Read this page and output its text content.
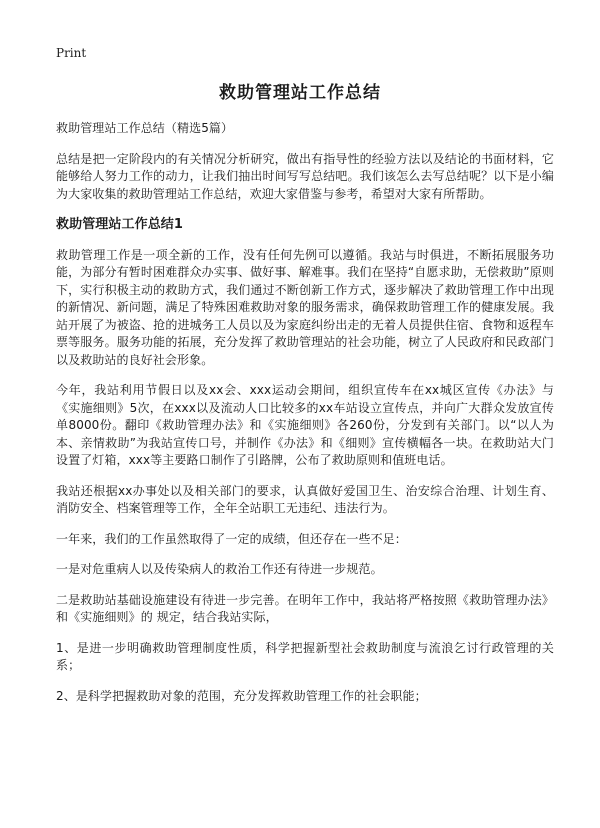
Print
救助管理站工作总结

救助管理站工作总结（精选5篇）

总结是把一定阶段内的有关情况分析研究，做出有指导性的经验方法以及结论的书面材料，它能够给人努力工作的动力，让我们抽出时间写写总结吧。我们该怎么去写总结呢？以下是小编为大家收集的救助管理站工作总结，欢迎大家借鉴与参考，希望对大家有所帮助。

救助管理站工作总结1

救助管理工作是一项全新的工作，没有任何先例可以遵循。我站与时俱进，不断拓展服务功能，为部分有暂时困难群众办实事、做好事、解难事。我们在坚持“自愿求助，无偿救助”原则下，实行积极主动的救助方式，我们通过不断创新工作方式，逐步解决了救助管理工作中出现的新情况、新问题，满足了特殊困难救助对象的服务需求，确保救助管理工作的健康发展。我站开展了为被盗、抢的进城务工人员以及为家庭纠纷出走的无着人员提供住宿、食物和返程车票等服务。服务功能的拓展，充分发挥了救助管理站的社会功能，树立了人民政府和民政部门以及救助站的良好社会形象。

今年，我站利用节假日以及xx会、xxx运动会期间，组织宣传车在xx城区宣传《办法》与《实施细则》5次，在xxx以及流动人口比较多的xx车站设立宣传点，并向广大群众发放宣传单8000份。翻印《救助管理办法》和《实施细则》各260份，分发到有关部门。以“以人为本、亲情救助”为我站宣传口号，并制作《办法》和《细则》宣传横幅各一块。在救助站大门设置了灯箱，xxx等主要路口制作了引路牌，公布了救助原则和值班电话。

我站还根据xx办事处以及相关部门的要求，认真做好爱国卫生、治安综合治理、计划生育、消防安全、档案管理等工作，全年全站职工无违纪、违法行为。

一年来，我们的工作虽然取得了一定的成绩，但还存在一些不足：

一是对危重病人以及传染病人的救治工作还有待进一步规范。

二是救助站基础设施建设有待进一步完善。在明年工作中，我站将严格按照《救助管理办法》和《实施细则》的 规定，结合我站实际，

1、是进一步明确救助管理制度性质，科学把握新型社会救助制度与流浪乞讨行政管理的关系；

2、是科学把握救助对象的范围，充分发挥救助管理工作的社会职能；
